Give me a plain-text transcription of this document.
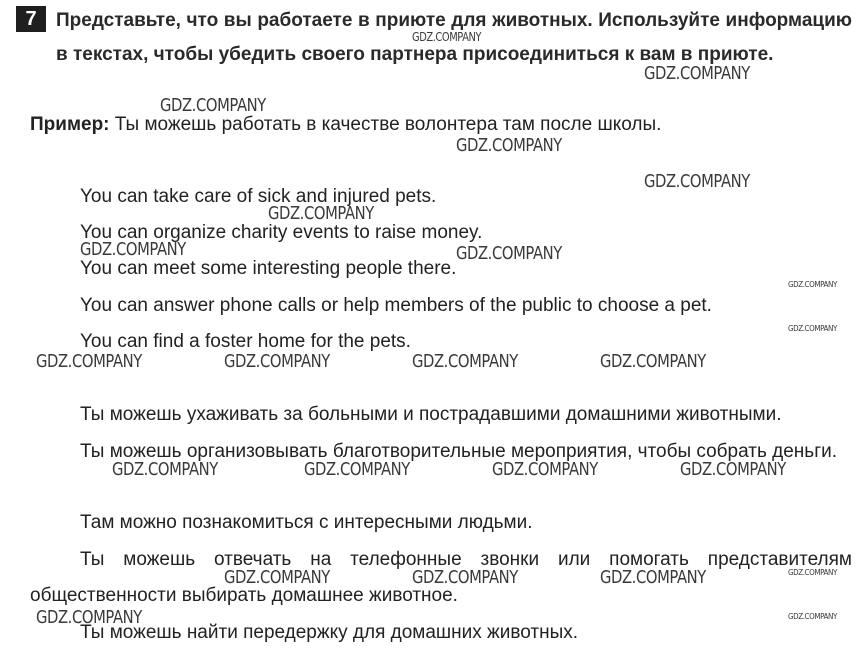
7	Представьте, что вы работаете в приюте для животных. Используйте информацию в текстах, чтобы убедить своего партнера присоединиться к вам в приюте.
Пример: Ты можешь работать в качестве волонтера там после школы.
You can take care of sick and injured pets.
You can organize charity events to raise money.
You can meet some interesting people there.
You can answer phone calls or help members of the public to choose a pet.
You can find a foster home for the pets.
Ты можешь ухаживать за больными и пострадавшими домашними животными.
Ты можешь организовывать благотворительные мероприятия, чтобы собрать деньги.
Там можно познакомиться с интересными людьми.
Ты можешь отвечать на телефонные звонки или помогать представителям общественности выбирать домашнее животное.
Ты можешь найти передержку для домашних животных.
GDZ.COMPANY
GDZ.COMPANY
GDZ.COMPANY
GDZ.COMPANY
GDZ.COMPANY
GDZ.COMPANY
GDZ.COMPANY	GDZ.COMPANY
GDZ.COMPANY
GDZ.COMPANY
GDZ.COMPANY	GDZ.COMPANY	GDZ.COMPANY	GDZ.COMPANY
GDZ.COMPANY	GDZ.COMPANY	GDZ.COMPANY	GDZ.COMPANY
GDZ.COMPANY	GDZ.COMPANY	GDZ.COMPANY	GDZ.COMPANY
GDZ.COMPANY	GDZ.COMPANY
